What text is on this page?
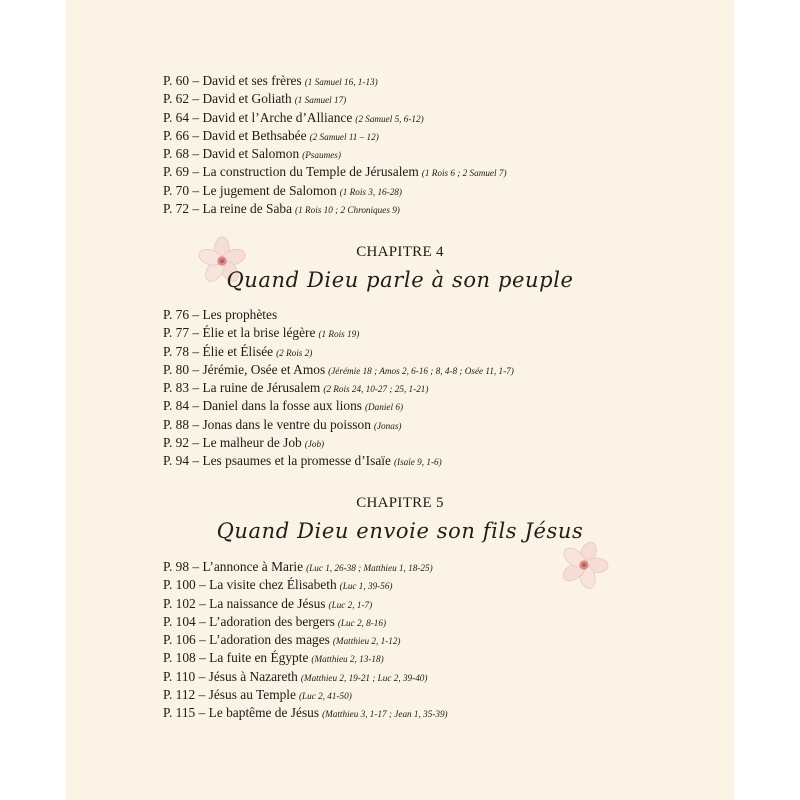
P. 60 – David et ses frères (1 Samuel 16, 1-13)
P. 62 – David et Goliath (1 Samuel 17)
P. 64 – David et l’Arche d’Alliance (2 Samuel 5, 6-12)
P. 66 – David et Bethsabée (2 Samuel 11 – 12)
P. 68 – David et Salomon (Psaumes)
P. 69 – La construction du Temple de Jérusalem (1 Rois 6 ; 2 Samuel 7)
P. 70 – Le jugement de Salomon (1 Rois 3, 16-28)
P. 72 – La reine de Saba (1 Rois 10 ; 2 Chroniques 9)
CHAPITRE 4
Quand Dieu parle à son peuple
P. 76 – Les prophètes
P. 77 – Élie et la brise légère (1 Rois 19)
P. 78 – Élie et Élisée (2 Rois 2)
P. 80 – Jérémie, Osée et Amos (Jérémie 18 ; Amos 2, 6-16 ; 8, 4-8 ; Osée 11, 1-7)
P. 83 – La ruine de Jérusalem (2 Rois 24, 10-27 ; 25, 1-21)
P. 84 – Daniel dans la fosse aux lions (Daniel 6)
P. 88 – Jonas dans le ventre du poisson (Jonas)
P. 92 – Le malheur de Job (Job)
P. 94 – Les psaumes et la promesse d’Isaïe (Isaïe 9, 1-6)
CHAPITRE 5
Quand Dieu envoie son fils Jésus
P. 98 – L’annonce à Marie (Luc 1, 26-38 ; Matthieu 1, 18-25)
P. 100 – La visite chez Élisabeth (Luc 1, 39-56)
P. 102 – La naissance de Jésus (Luc 2, 1-7)
P. 104 – L’adoration des bergers (Luc 2, 8-16)
P. 106 – L’adoration des mages (Matthieu 2, 1-12)
P. 108 – La fuite en Égypte (Matthieu 2, 13-18)
P. 110 – Jésus à Nazareth (Matthieu 2, 19-21 ; Luc 2, 39-40)
P. 112 – Jésus au Temple (Luc 2, 41-50)
P. 115 – Le baptême de Jésus (Matthieu 3, 1-17 ; Jean 1, 35-39)
